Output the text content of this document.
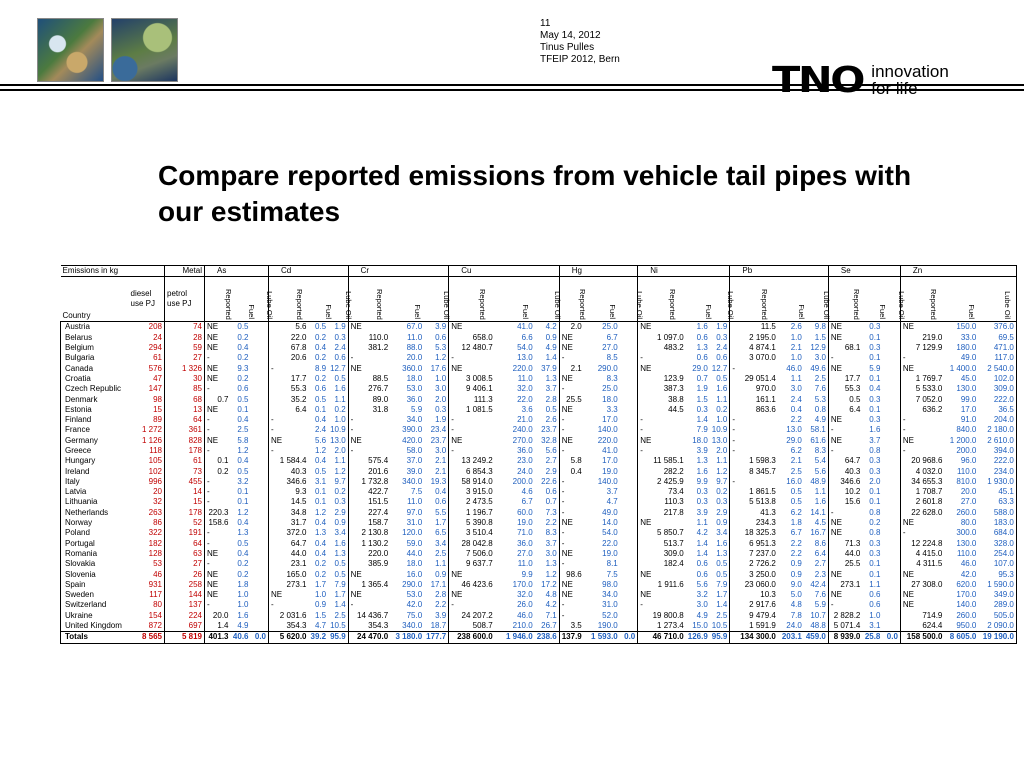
11
May 14, 2012
Tinus Pulles
TFEIP 2012, Bern	TNO innovation
for life
Compare reported emissions from vehicle tail pipes with our estimates
Emissions in kg		Metal	As			Cd			Cr			Cu			Hg			Ni			Pb			Se			Zn		
Country	diesel use PJ	petrol use PJ	Reported	Fuel	Lube Oil	Reported	Fuel	Lube Oil	Reported	Fuel	Lube Oil	Reported	Fuel	Lube Oil	Reported	Fuel	Lube Oil	Reported	Fuel	Lube Oil	Reported	Fuel	Lube Oil	Reported	Fuel	Lube Oil	Reported	Fuel	Lube Oil

Austria	208	74	NE	0.5		5.6	0.5	1.9	NE	67.0	3.9	NE	41.0	4.2	2.0	25.0		NE	1.6	1.9	11.5	2.6	9.8	NE	0.3		NE	150.0	376.0
Belarus	24	28	NE	0.2		22.0	0.2	0.3	110.0	11.0	0.6	658.0	6.6	0.9	NE	6.7		1 097.0	0.6	0.3	2 195.0	1.0	1.5	NE	0.1		219.0	33.0	69.5
Belgium	294	59	NE	0.4		67.8	0.4	2.4	381.2	88.0	5.3	12 480.7	54.0	4.9	NE	27.0		483.2	1.3	2.4	4 874.1	2.1	12.9	68.1	0.3		7 129.9	180.0	471.0
Bulgaria	61	27	-	0.2		20.6	0.2	0.6	-	20.0	1.2	-	13.0	1.4	-	8.5		-	0.6	0.6	3 070.0	1.0	3.0	-	0.1		-	49.0	117.0
Canada	576	1 326	NE	9.3		-	8.9	12.7	NE	360.0	17.6	NE	220.0	37.9	2.1	290.0		NE	29.0	12.7	-	46.0	49.6	NE	5.9		NE	1 400.0	2 540.0
Croatia	47	30	NE	0.2		17.7	0.2	0.5	88.5	18.0	1.0	3 008.5	11.0	1.3	NE	8.3		123.9	0.7	0.5	29 051.4	1.1	2.5	17.7	0.1		1 769.7	45.0	102.0
Czech Republic	147	85	-	0.6		55.3	0.6	1.6	276.7	53.0	3.0	9 406.1	32.0	3.7	-	25.0		387.3	1.9	1.6	970.0	3.0	7.6	55.3	0.4		5 533.0	130.0	309.0
Denmark	98	68	0.7	0.5		35.2	0.5	1.1	89.0	36.0	2.0	111.3	22.0	2.8	25.5	18.0		38.8	1.5	1.1	161.1	2.4	5.3	0.5	0.3		7 052.0	99.0	222.0
Estonia	15	13	NE	0.1		6.4	0.1	0.2	31.8	5.9	0.3	1 081.5	3.6	0.5	NE	3.3		44.5	0.3	0.2	863.6	0.4	0.8	6.4	0.1		636.2	17.0	36.5
Finland	89	64	-	0.4		-	0.4	1.0	-	34.0	1.9	-	21.0	2.6	-	17.0		-	1.4	1.0	-	2.2	4.9	NE	0.3		-	91.0	204.0
France	1 272	361	-	2.5		-	2.4	10.9	-	390.0	23.4	-	240.0	23.7	-	140.0		-	7.9	10.9	-	13.0	58.1	-	1.6		-	840.0	2 180.0
Germany	1 126	828	NE	5.8		NE	5.6	13.0	NE	420.0	23.7	NE	270.0	32.8	NE	220.0		NE	18.0	13.0	-	29.0	61.6	NE	3.7		NE	1 200.0	2 610.0
Greece	118	178	-	1.2		-	1.2	2.0	-	58.0	3.0	-	36.0	5.6	-	41.0		-	3.9	2.0	-	6.2	8.3	-	0.8		-	200.0	394.0
Hungary	105	61	0.1	0.4		1 584.4	0.4	1.1	575.4	37.0	2.1	13 249.2	23.0	2.7	5.8	17.0		11 585.1	1.3	1.1	1 598.3	2.1	5.4	64.7	0.3		20 968.6	96.0	222.0
Ireland	102	73	0.2	0.5		40.3	0.5	1.2	201.6	39.0	2.1	6 854.3	24.0	2.9	0.4	19.0		282.2	1.6	1.2	8 345.7	2.5	5.6	40.3	0.3		4 032.0	110.0	234.0
Italy	996	455	-	3.2		346.6	3.1	9.7	1 732.8	340.0	19.3	58 914.0	200.0	22.6	-	140.0		2 425.9	9.9	9.7	-	16.0	48.9	346.6	2.0		34 655.3	810.0	1 930.0
Latvia	20	14	-	0.1		9.3	0.1	0.2	422.7	7.5	0.4	3 915.0	4.6	0.6	-	3.7		73.4	0.3	0.2	1 861.5	0.5	1.1	10.2	0.1		1 708.7	20.0	45.1
Lithuania	32	15	-	0.1		14.5	0.1	0.3	151.5	11.0	0.6	2 473.5	6.7	0.7	-	4.7		110.3	0.3	0.3	5 513.8	0.5	1.6	15.6	0.1		2 601.8	27.0	63.3
Netherlands	263	178	220.3	1.2		34.8	1.2	2.9	227.4	97.0	5.5	1 196.7	60.0	7.3	-	49.0		217.8	3.9	2.9	41.3	6.2	14.1	-	0.8		22 628.0	260.0	588.0
Norway	86	52	158.6	0.4		31.7	0.4	0.9	158.7	31.0	1.7	5 390.8	19.0	2.2	NE	14.0		NE	1.1	0.9	234.3	1.8	4.5	NE	0.2		NE	80.0	183.0
Poland	322	191	-	1.3		372.0	1.3	3.4	2 130.8	120.0	6.5	3 510.4	71.0	8.3	-	54.0		5 850.7	4.2	3.4	18 325.3	6.7	16.7	NE	0.8		-	300.0	684.0
Portugal	182	64	-	0.5		64.7	0.4	1.6	1 130.2	59.0	3.4	28 042.8	36.0	3.7	-	22.0		513.7	1.4	1.6	6 951.3	2.2	8.6	71.3	0.3		12 224.8	130.0	328.0
Romania	128	63	NE	0.4		44.0	0.4	1.3	220.0	44.0	2.5	7 506.0	27.0	3.0	NE	19.0		309.0	1.4	1.3	7 237.0	2.2	6.4	44.0	0.3		4 415.0	110.0	254.0
Slovakia	53	27	-	0.2		23.1	0.2	0.5	385.9	18.0	1.1	9 637.7	11.0	1.3	-	8.1		182.4	0.6	0.5	2 726.2	0.9	2.7	25.5	0.1		4 311.5	46.0	107.0
Slovenia	46	26	NE	0.2		165.0	0.2	0.5	NE	16.0	0.9	NE	9.9	1.2	98.6	7.5		NE	0.6	0.5	3 250.0	0.9	2.3	NE	0.1		NE	42.0	95.3
Spain	931	258	NE	1.8		273.1	1.7	7.9	1 365.4	290.0	17.1	46 423.6	170.0	17.2	NE	98.0		1 911.6	5.6	7.9	23 060.0	9.0	42.4	273.1	1.1		27 308.0	620.0	1 590.0
Sweden	117	144	NE	1.0		NE	1.0	1.7	NE	53.0	2.8	NE	32.0	4.8	NE	34.0		NE	3.2	1.7	10.3	5.0	7.6	NE	0.6		NE	170.0	349.0
Switzerland	80	137	-	1.0		-	0.9	1.4	-	42.0	2.2	-	26.0	4.2	-	31.0		-	3.0	1.4	2 917.6	4.8	5.9	-	0.6		NE	140.0	289.0
Ukraine	154	224	20.0	1.6		2 031.6	1.5	2.5	14 436.7	75.0	3.9	24 207.2	46.0	7.1	-	52.0		19 800.8	4.9	2.5	9 479.4	7.8	10.7	2 828.2	1.0		714.9	260.0	505.0
United Kingdom	872	697	1.4	4.9		354.3	4.7	10.5	354.3	340.0	18.7	508.7	210.0	26.7	3.5	190.0		1 273.4	15.0	10.5	1 591.9	24.0	48.8	5 071.4	3.1		624.4	950.0	2 090.0
Totals	8 565	5 819	401.3	40.6	0.0	5 620.0	39.2	95.9	24 470.0	3 180.0	177.7	238 600.0	1 946.0	238.6	137.9	1 593.0	0.0	46 710.0	126.9	95.9	134 300.0	203.1	459.0	8 939.0	25.8	0.0	158 500.0	8 605.0	19 190.0
